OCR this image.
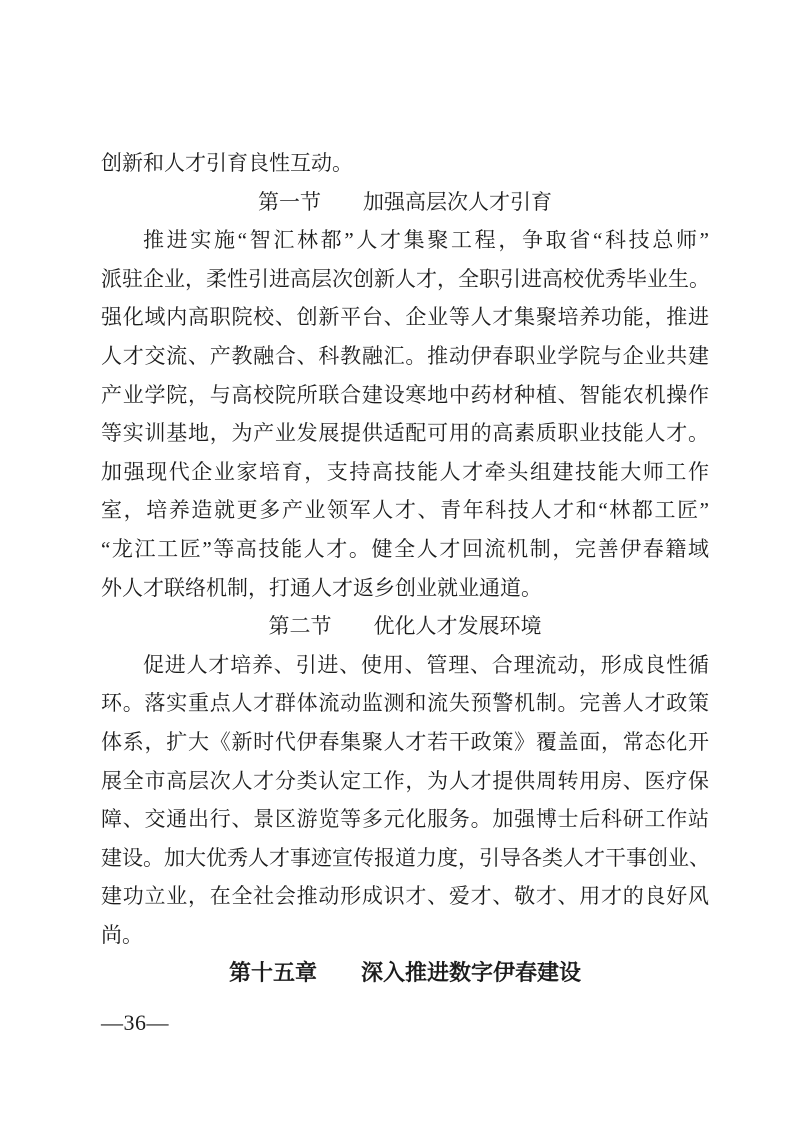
创新和人才引育良性互动。
第一节　　加强高层次人才引育
推进实施“智汇林都”人才集聚工程，争取省“科技总师”
派驻企业，柔性引进高层次创新人才，全职引进高校优秀毕业生。
强化域内高职院校、创新平台、企业等人才集聚培养功能，推进
人才交流、产教融合、科教融汇。推动伊春职业学院与企业共建
产业学院，与高校院所联合建设寒地中药材种植、智能农机操作
等实训基地，为产业发展提供适配可用的高素质职业技能人才。
加强现代企业家培育，支持高技能人才牵头组建技能大师工作
室，培养造就更多产业领军人才、青年科技人才和“林都工匠”
“龙江工匠”等高技能人才。健全人才回流机制，完善伊春籍域
外人才联络机制，打通人才返乡创业就业通道。
第二节　　优化人才发展环境
促进人才培养、引进、使用、管理、合理流动，形成良性循
环。落实重点人才群体流动监测和流失预警机制。完善人才政策
体系，扩大《新时代伊春集聚人才若干政策》覆盖面，常态化开
展全市高层次人才分类认定工作，为人才提供周转用房、医疗保
障、交通出行、景区游览等多元化服务。加强博士后科研工作站
建设。加大优秀人才事迹宣传报道力度，引导各类人才干事创业、
建功立业，在全社会推动形成识才、爱才、敬才、用才的良好风
尚。
第十五章　　深入推进数字伊春建设
—36—
